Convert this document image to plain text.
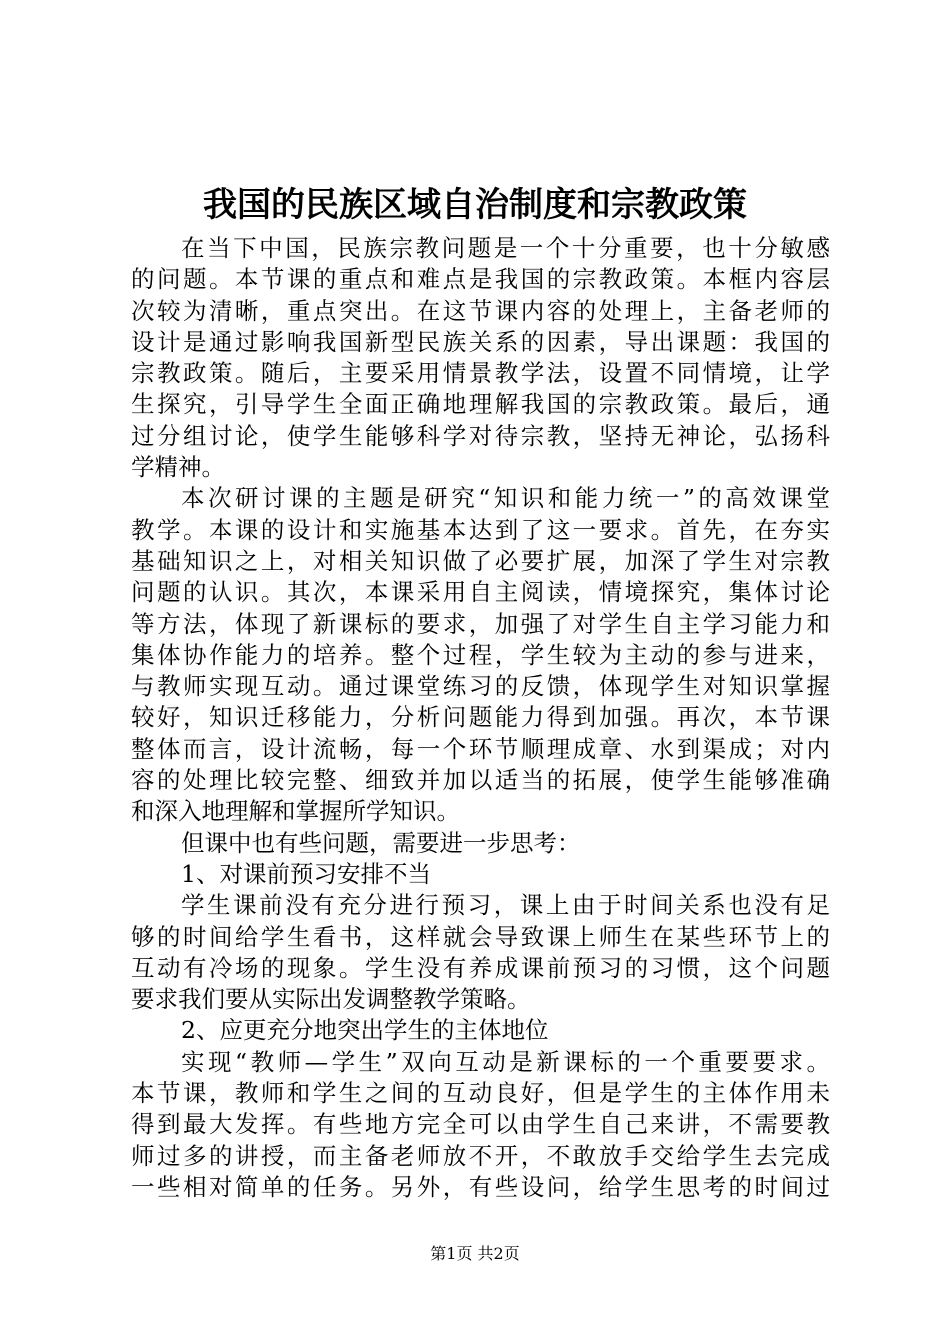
我国的民族区域自治制度和宗教政策
在当下中国，民族宗教问题是一个十分重要，也十分敏感
的问题。本节课的重点和难点是我国的宗教政策。本框内容层
次较为清晰，重点突出。在这节课内容的处理上，主备老师的
设计是通过影响我国新型民族关系的因素，导出课题：我国的
宗教政策。随后，主要采用情景教学法，设置不同情境，让学
生探究，引导学生全面正确地理解我国的宗教政策。最后，通
过分组讨论，使学生能够科学对待宗教，坚持无神论，弘扬科
学精神。
本次研讨课的主题是研究“知识和能力统一”的高效课堂
教学。本课的设计和实施基本达到了这一要求。首先，在夯实
基础知识之上，对相关知识做了必要扩展，加深了学生对宗教
问题的认识。其次，本课采用自主阅读，情境探究，集体讨论
等方法，体现了新课标的要求，加强了对学生自主学习能力和
集体协作能力的培养。整个过程，学生较为主动的参与进来，
与教师实现互动。通过课堂练习的反馈，体现学生对知识掌握
较好，知识迁移能力，分析问题能力得到加强。再次，本节课
整体而言，设计流畅，每一个环节顺理成章、水到渠成；对内
容的处理比较完整、细致并加以适当的拓展，使学生能够准确
和深入地理解和掌握所学知识。
但课中也有些问题，需要进一步思考：
1、对课前预习安排不当
学生课前没有充分进行预习，课上由于时间关系也没有足
够的时间给学生看书，这样就会导致课上师生在某些环节上的
互动有冷场的现象。学生没有养成课前预习的习惯，这个问题
要求我们要从实际出发调整教学策略。
2、应更充分地突出学生的主体地位
实现“教师—学生”双向互动是新课标的一个重要要求。
本节课，教师和学生之间的互动良好，但是学生的主体作用未
得到最大发挥。有些地方完全可以由学生自己来讲，不需要教
师过多的讲授，而主备老师放不开，不敢放手交给学生去完成
一些相对简单的任务。另外，有些设问，给学生思考的时间过
第1页 共2页
